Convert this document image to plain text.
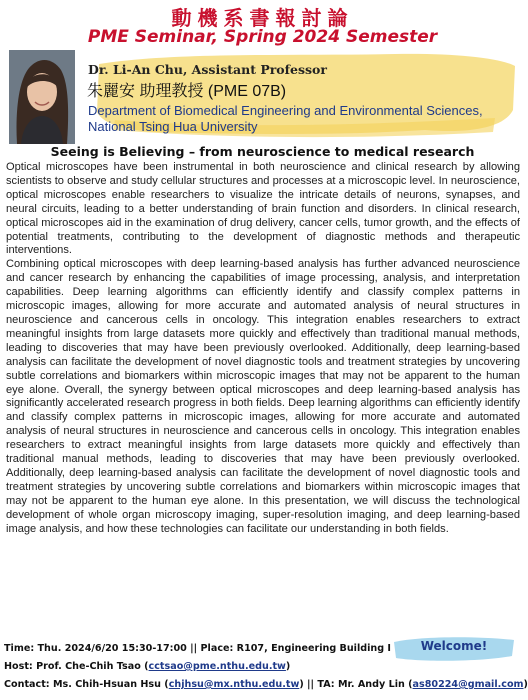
動機系書報討論
PME Seminar, Spring 2024 Semester
Dr. Li-An Chu, Assistant Professor
朱麗安 助理教授 (PME 07B)
Department of Biomedical Engineering and Environmental Sciences,
National Tsing Hua University
Seeing is Believing – from neuroscience to medical research

Optical microscopes have been instrumental in both neuroscience and clinical research by allowing scientists to observe and study cellular structures and processes at a microscopic level. In neuroscience, optical microscopes enable researchers to visualize the intricate details of neurons, synapses, and neural circuits, leading to a better understanding of brain function and disorders. In clinical research, optical microscopes aid in the examination of drug delivery, cancer cells, tumor growth, and the effects of potential treatments, contributing to the development of diagnostic methods and therapeutic interventions.

Combining optical microscopes with deep learning-based analysis has further advanced neuroscience and cancer research by enhancing the capabilities of image processing, analysis, and interpretation capabilities. Deep learning algorithms can efficiently identify and classify complex patterns in microscopic images, allowing for more accurate and automated analysis of neural structures in neuroscience and cancerous cells in oncology. This integration enables researchers to extract meaningful insights from large datasets more quickly and effectively than traditional manual methods, leading to discoveries that may have been previously overlooked. Additionally, deep learning-based analysis can facilitate the development of novel diagnostic tools and treatment strategies by uncovering subtle correlations and biomarkers within microscopic images that may not be apparent to the human eye alone. Overall, the synergy between optical microscopes and deep learning-based analysis has significantly accelerated research progress in both fields. Deep learning algorithms can efficiently identify and classify complex patterns in microscopic images, allowing for more accurate and automated analysis of neural structures in neuroscience and cancerous cells in oncology. This integration enables researchers to extract meaningful insights from large datasets more quickly and effectively than traditional manual methods, leading to discoveries that may have been previously overlooked. Additionally, deep learning-based analysis can facilitate the development of novel diagnostic tools and treatment strategies by uncovering subtle correlations and biomarkers within microscopic images that may not be apparent to the human eye alone. In this presentation, we will discuss the technological development of whole organ microscopy imaging, super-resolution imaging, and deep learning-based image analysis, and how these technologies can facilitate our understanding in both fields.

Time: Thu. 2024/6/20 15:30-17:00 || Place: R107, Engineering Building I
Host: Prof. Che-Chih Tsao (cctsao@pme.nthu.edu.tw)
Contact: Ms. Chih-Hsuan Hsu (chjhsu@mx.nthu.edu.tw) || TA: Mr. Andy Lin (as80224@gmail.com)
Welcome!
